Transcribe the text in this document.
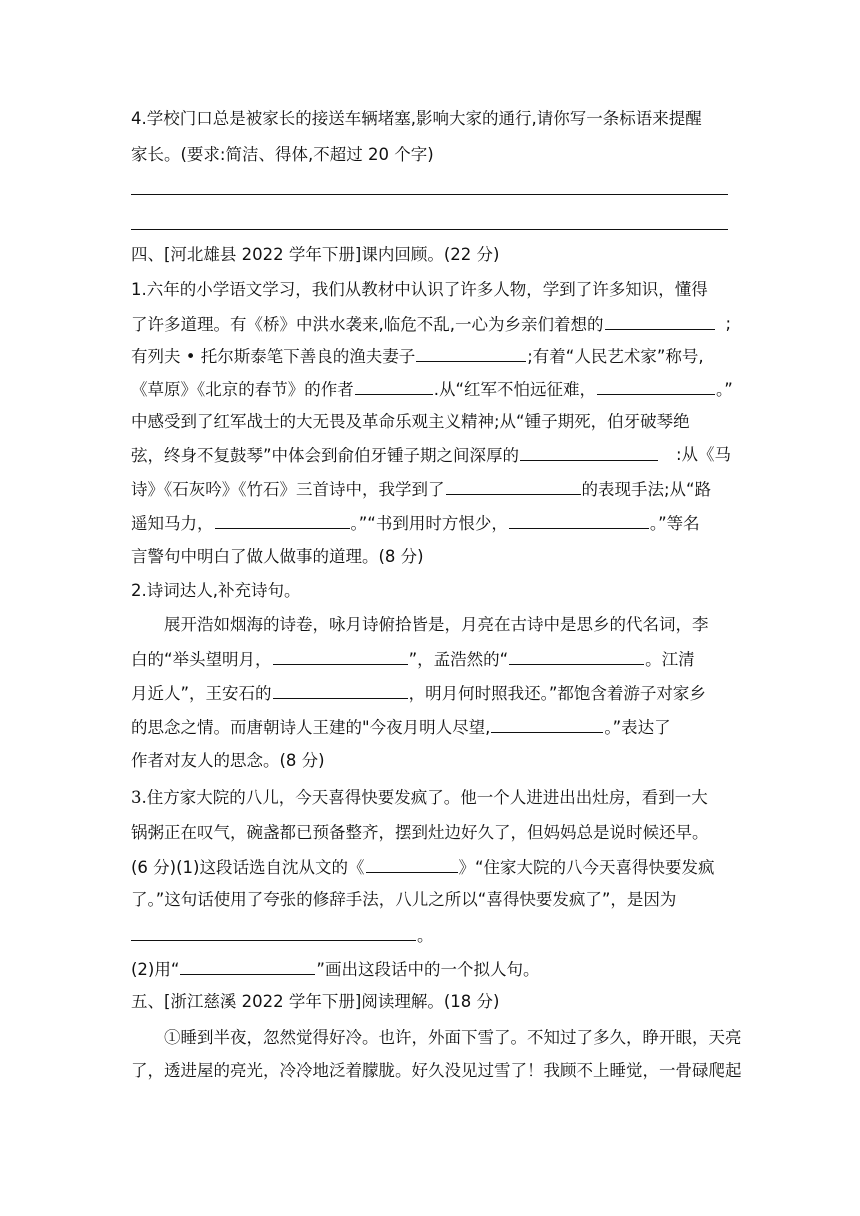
4.学校门口总是被家长的接送车辆堵塞,影响大家的通行,请你写一条标语来提醒
家长。(要求:简洁、得体,不超过 20 个字)
四、[河北雄县 2022 学年下册]课内回顾。(22 分)
1.六年的小学语文学习，我们从教材中认识了许多人物，学到了许多知识，懂得
了许多道理。有《桥》中洪水袭来,临危不乱,一心为乡亲们着想的	;
有列夫 • 托尔斯泰笔下善良的渔夫妻子	;有着“人民艺术家”称号,
《草原》《北京的春节》的作者	.从“红军不怕远征难，	。”
中感受到了红军战士的大无畏及革命乐观主义精神;从“锺子期死，伯牙破琴绝
弦，终身不复鼓琴”中体会到俞伯牙锺子期之间深厚的	:从《马
诗》《石灰吟》《竹石》三首诗中，我学到了	的表现手法;从“路
遥知马力，	。”“书到用时方恨少，	。”等名
言警句中明白了做人做事的道理。(8 分)
2.诗词达人,补充诗句。
展开浩如烟海的诗卷，咏月诗俯拾皆是，月亮在古诗中是思乡的代名词，李
白的“举头望明月，	”，孟浩然的“	。江清
月近人”，王安石的	，明月何时照我还。”都饱含着游子对家乡
的思念之情。而唐朝诗人王建的"今夜月明人尽望,	。”表达了
作者对友人的思念。(8 分)
3.住方家大院的八儿，今天喜得快要发疯了。他一个人进进出出灶房，看到一大
锅粥正在叹气，碗盏都已预备整齐，摆到灶边好久了，但妈妈总是说时候还早。
(6 分)(1)这段话选自沈从文的《	》“住家大院的八今天喜得快要发疯
了。”这句话使用了夸张的修辞手法，八儿之所以“喜得快要发疯了”，是因为
。
(2)用“	”画出这段话中的一个拟人句。
五、[浙江慈溪 2022 学年下册]阅读理解。(18 分)
①睡到半夜，忽然觉得好冷。也许，外面下雪了。不知过了多久，睁开眼，天亮
了，透进屋的亮光，冷冷地泛着朦胧。好久没见过雪了！我顾不上睡觉，一骨碌爬起
